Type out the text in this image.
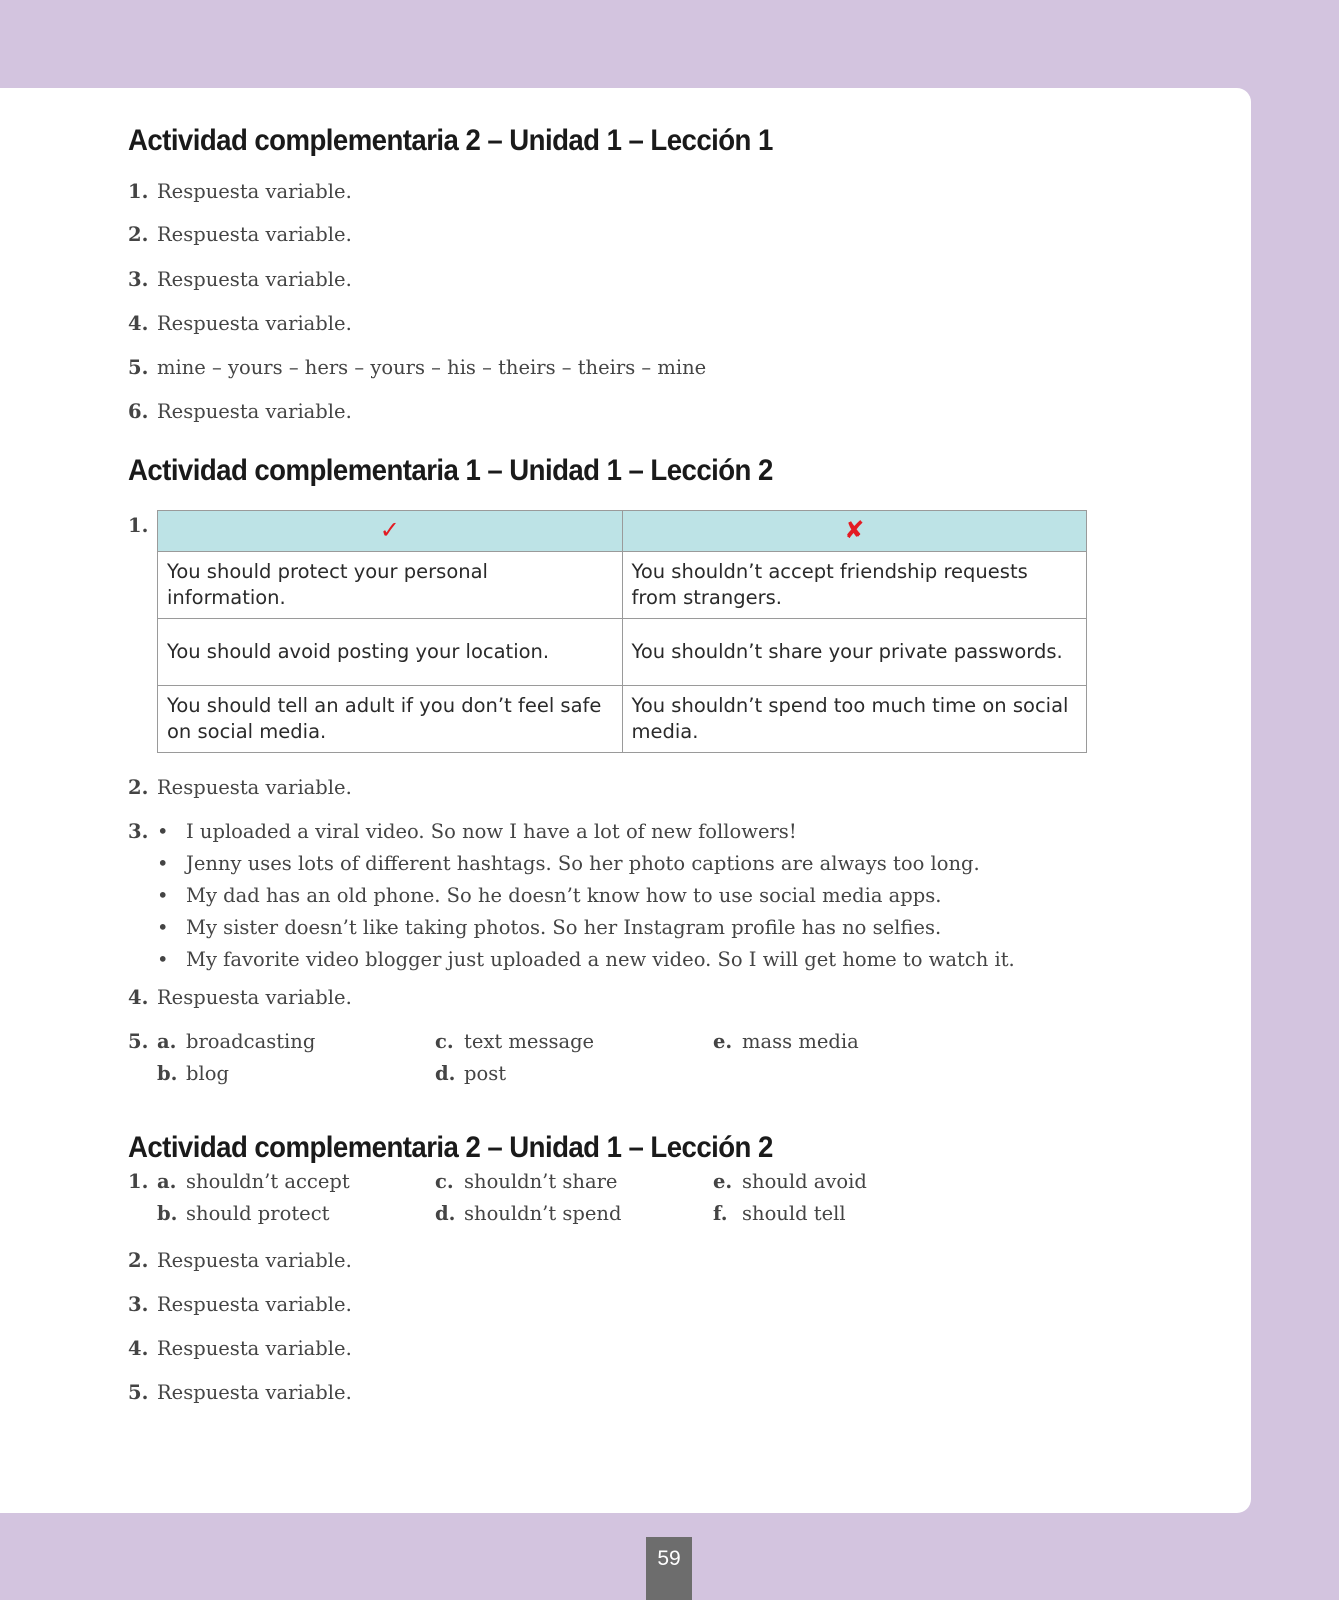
Actividad complementaria 2 – Unidad 1 – Lección 1
1. Respuesta variable.
2. Respuesta variable.
3. Respuesta variable.
4. Respuesta variable.
5. mine – yours – hers – yours – his – theirs – theirs – mine
6. Respuesta variable.
Actividad complementaria 1 – Unidad 1 – Lección 2
1.	✓	✘
You should protect your personal information.	You shouldn’t accept friendship requests from strangers.
You should avoid posting your location.	You shouldn’t share your private passwords.
You should tell an adult if you don’t feel safe on social media.	You shouldn’t spend too much time on social media.
2. Respuesta variable.
3. • I uploaded a viral video. So now I have a lot of new followers!
• Jenny uses lots of different hashtags. So her photo captions are always too long.
• My dad has an old phone. So he doesn’t know how to use social media apps.
• My sister doesn’t like taking photos. So her Instagram profile has no selfies.
• My favorite video blogger just uploaded a new video. So I will get home to watch it.
4. Respuesta variable.
5. a. broadcasting
b. blog
c. text message
d. post
e. mass media
Actividad complementaria 2 – Unidad 1 – Lección 2
1. a. shouldn’t accept
b. should protect
c. shouldn’t share
d. shouldn’t spend
e. should avoid
f. should tell
2. Respuesta variable.
3. Respuesta variable.
4. Respuesta variable.
5. Respuesta variable.
59
